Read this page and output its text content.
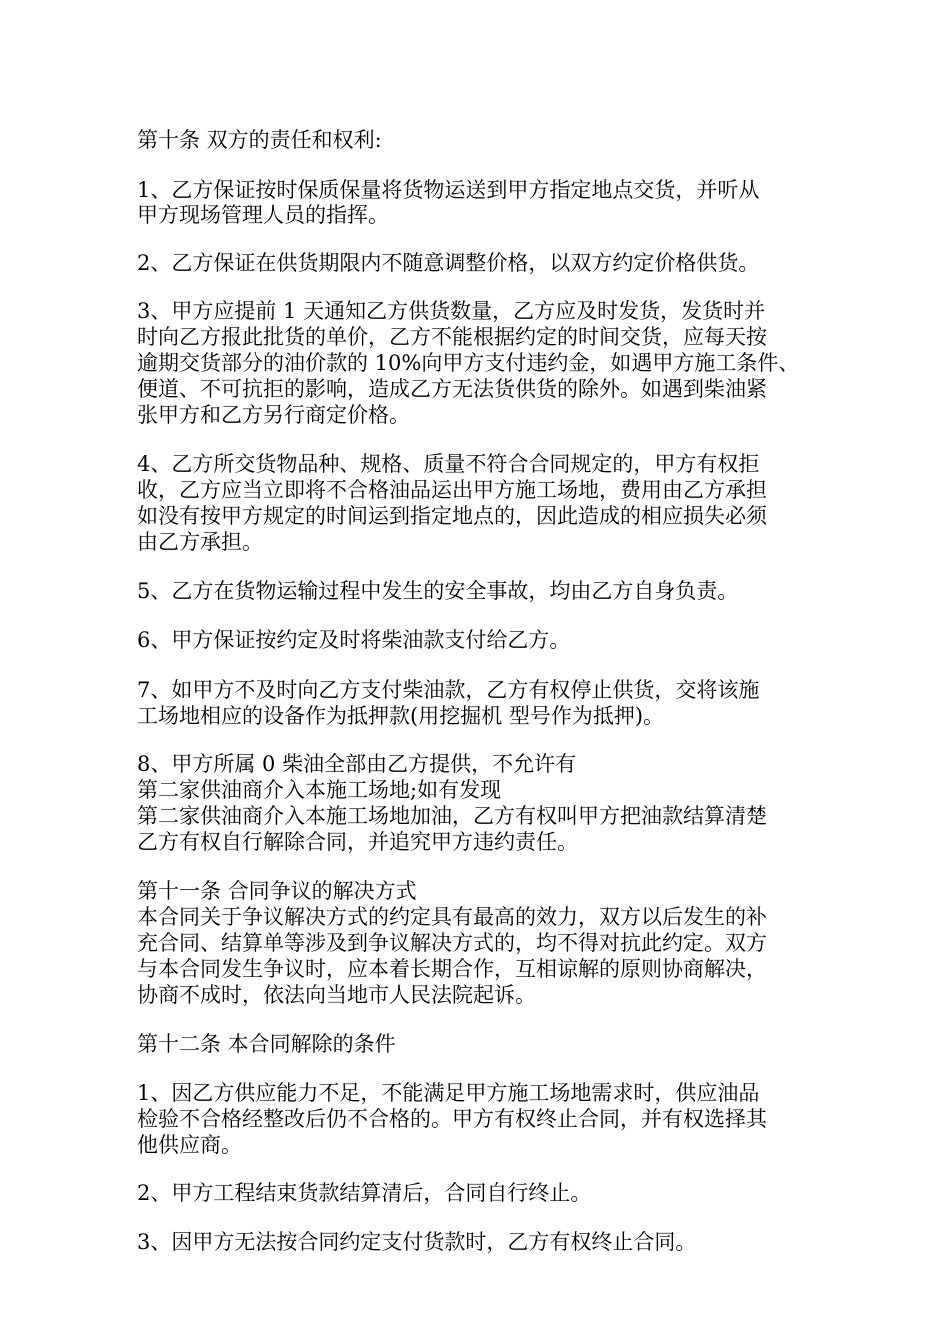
第十条 双方的责任和权利:
1、乙方保证按时保质保量将货物运送到甲方指定地点交货，并听从
甲方现场管理人员的指挥。
2、乙方保证在供货期限内不随意调整价格，以双方约定价格供货。
3、甲方应提前 1 天通知乙方供货数量，乙方应及时发货，发货时并
时向乙方报此批货的单价，乙方不能根据约定的时间交货，应每天按
逾期交货部分的油价款的 10%向甲方支付违约金，如遇甲方施工条件、
便道、不可抗拒的影响，造成乙方无法货供货的除外。如遇到柴油紧
张甲方和乙方另行商定价格。
4、乙方所交货物品种、规格、质量不符合合同规定的，甲方有权拒
收，乙方应当立即将不合格油品运出甲方施工场地，费用由乙方承担
如没有按甲方规定的时间运到指定地点的，因此造成的相应损失必须
由乙方承担。
5、乙方在货物运输过程中发生的安全事故，均由乙方自身负责。
6、甲方保证按约定及时将柴油款支付给乙方。
7、如甲方不及时向乙方支付柴油款，乙方有权停止供货，交将该施
工场地相应的设备作为抵押款(用挖掘机 型号作为抵押)。
8、甲方所属 0 柴油全部由乙方提供，不允许有
第二家供油商介入本施工场地;如有发现
第二家供油商介入本施工场地加油，乙方有权叫甲方把油款结算清楚
乙方有权自行解除合同，并追究甲方违约责任。
第十一条 合同争议的解决方式
本合同关于争议解决方式的约定具有最高的效力，双方以后发生的补
充合同、结算单等涉及到争议解决方式的，均不得对抗此约定。双方
与本合同发生争议时，应本着长期合作，互相谅解的原则协商解决，
协商不成时，依法向当地市人民法院起诉。
第十二条 本合同解除的条件
1、因乙方供应能力不足，不能满足甲方施工场地需求时，供应油品
检验不合格经整改后仍不合格的。甲方有权终止合同，并有权选择其
他供应商。
2、甲方工程结束货款结算清后，合同自行终止。
3、因甲方无法按合同约定支付货款时，乙方有权终止合同。
